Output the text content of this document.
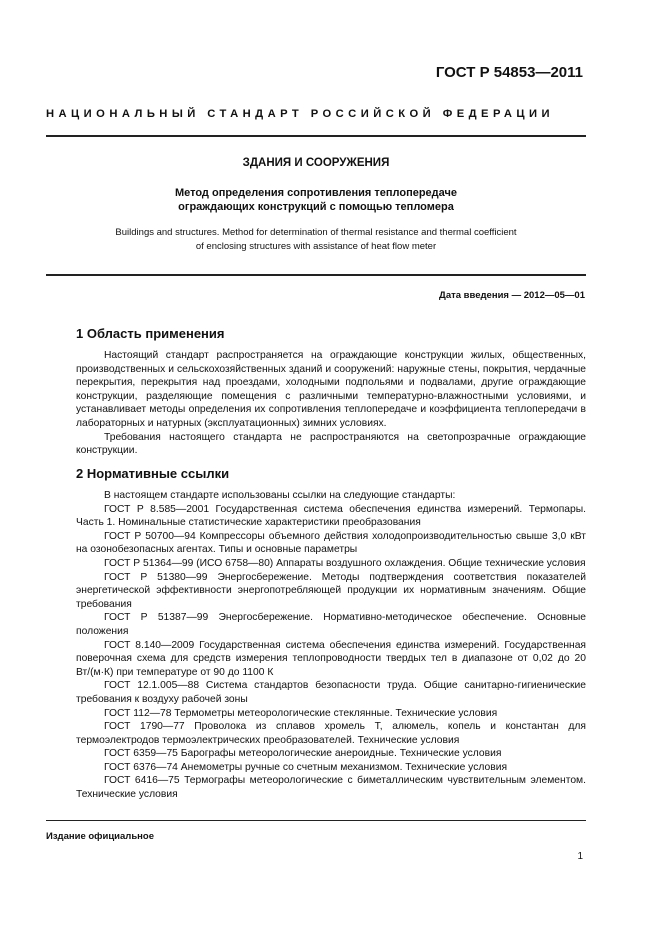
ГОСТ Р 54853—2011
НАЦИОНАЛЬНЫЙ СТАНДАРТ РОССИЙСКОЙ ФЕДЕРАЦИИ
ЗДАНИЯ И СООРУЖЕНИЯ
Метод определения сопротивления теплопередаче
ограждающих конструкций с помощью тепломера
Buildings and structures. Method for determination of thermal resistance and thermal coefficient
of enclosing structures with assistance of heat flow meter
Дата введения — 2012—05—01
1 Область применения

Настоящий стандарт распространяется на ограждающие конструкции жилых, общественных, производственных и сельскохозяйственных зданий и сооружений: наружные стены, покрытия, чердачные перекрытия, перекрытия над проездами, холодными подпольями и подвалами, другие ограждающие конструкции, разделяющие помещения с различными температурно-влажностными условиями, и устанавливает методы определения их сопротивления теплопередаче и коэффициента теплопередачи в лабораторных и натурных (эксплуатационных) зимних условиях.

Требования настоящего стандарта не распространяются на светопрозрачные ограждающие конструкции.

2 Нормативные ссылки

В настоящем стандарте использованы ссылки на следующие стандарты:

ГОСТ Р 8.585—2001 Государственная система обеспечения единства измерений. Термопары. Часть 1. Номинальные статистические характеристики преобразования

ГОСТ Р 50700—94 Компрессоры объемного действия холодопроизводительностью свыше 3,0 кВт на озонобезопасных агентах. Типы и основные параметры

ГОСТ Р 51364—99 (ИСО 6758—80) Аппараты воздушного охлаждения. Общие технические условия

ГОСТ Р 51380—99 Энергосбережение. Методы подтверждения соответствия показателей энергетической эффективности энергопотребляющей продукции их нормативным значениям. Общие требования

ГОСТ Р 51387—99 Энергосбережение. Нормативно-методическое обеспечение. Основные положения

ГОСТ 8.140—2009 Государственная система обеспечения единства измерений. Государственная поверочная схема для средств измерения теплопроводности твердых тел в диапазоне от 0,02 до 20 Вт/(м·К) при температуре от 90 до 1100 К

ГОСТ 12.1.005—88 Система стандартов безопасности труда. Общие санитарно-гигиенические требования к воздуху рабочей зоны

ГОСТ 112—78 Термометры метеорологические стеклянные. Технические условия

ГОСТ 1790—77 Проволока из сплавов хромель Т, алюмель, копель и константан для термоэлектродов термоэлектрических преобразователей. Технические условия

ГОСТ 6359—75 Барографы метеорологические анероидные. Технические условия

ГОСТ 6376—74 Анемометры ручные со счетным механизмом. Технические условия

ГОСТ 6416—75 Термографы метеорологические с биметаллическим чувствительным элементом. Технические условия

Издание официальное
1
